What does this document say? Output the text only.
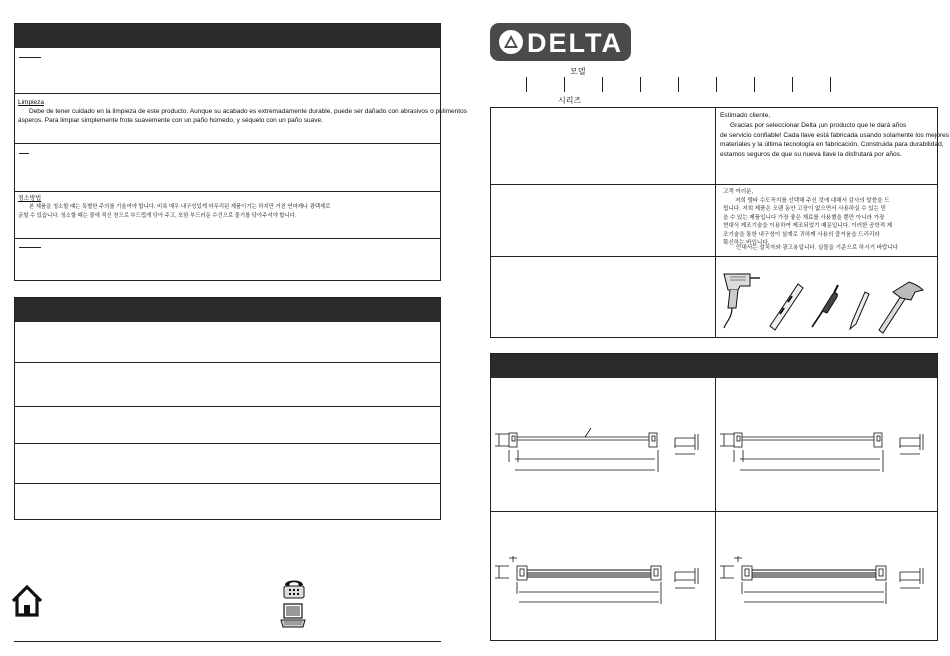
Limpieza
Debe de tener cuidado en la limpieza de este producto. Aunque su acabado es extremadamente durable, puede ser dañado con abrasivos o pulimentos
ásperos. Para limpiar simplemente frote suavemente con un paño húmedo, y séquelo con un paño suave.
청소방법
본 제품을 청소할 때는 특별한 주의를 기울여야 합니다. 비록 매우 내구성있게 마무리된 제품이기는 하지만 거친 연마제나 광택제로
긁힐 수 있습니다. 청소할 때는 물에 적신 천으로 부드럽게 닦아 주고, 또한 부드러운 수건으로 물기를 닦아주셔야 합니다.
DELTA
모델
시리즈
Estimado cliente,
Gracias por seleccionar Delta ¡un producto que le dará años
de servicio confiable! Cada llave está fabricada usando solamente los mejores
materiales y la última tecnología en fabricación. Construida para durabilidad,
estamos seguros de que su nueva llave la disfrutará por años.
고객 여러분,
저희 델타 수도꼭지를 선택해 주신 것에 대해서 감사의 말씀을 드
립니다. 저희 제품은 오랜 동안 고장이 없으면서 사용하실 수 있는 믿
을 수 있는 제품입니다 가장 좋은 재료를 사용했을 뿐만 아니라 가장
현대식 제조기술을 이용하여 제조되었기 때문입니다. 이러한 공학적 제
조기술을 통한 내구성이 설계로 귀하께 사용의 즐거움을 드리리라
확신하는 바입니다.
안내서는 설치자와 광고용입니다. 실물을 기준으로 하시기 바랍니다
